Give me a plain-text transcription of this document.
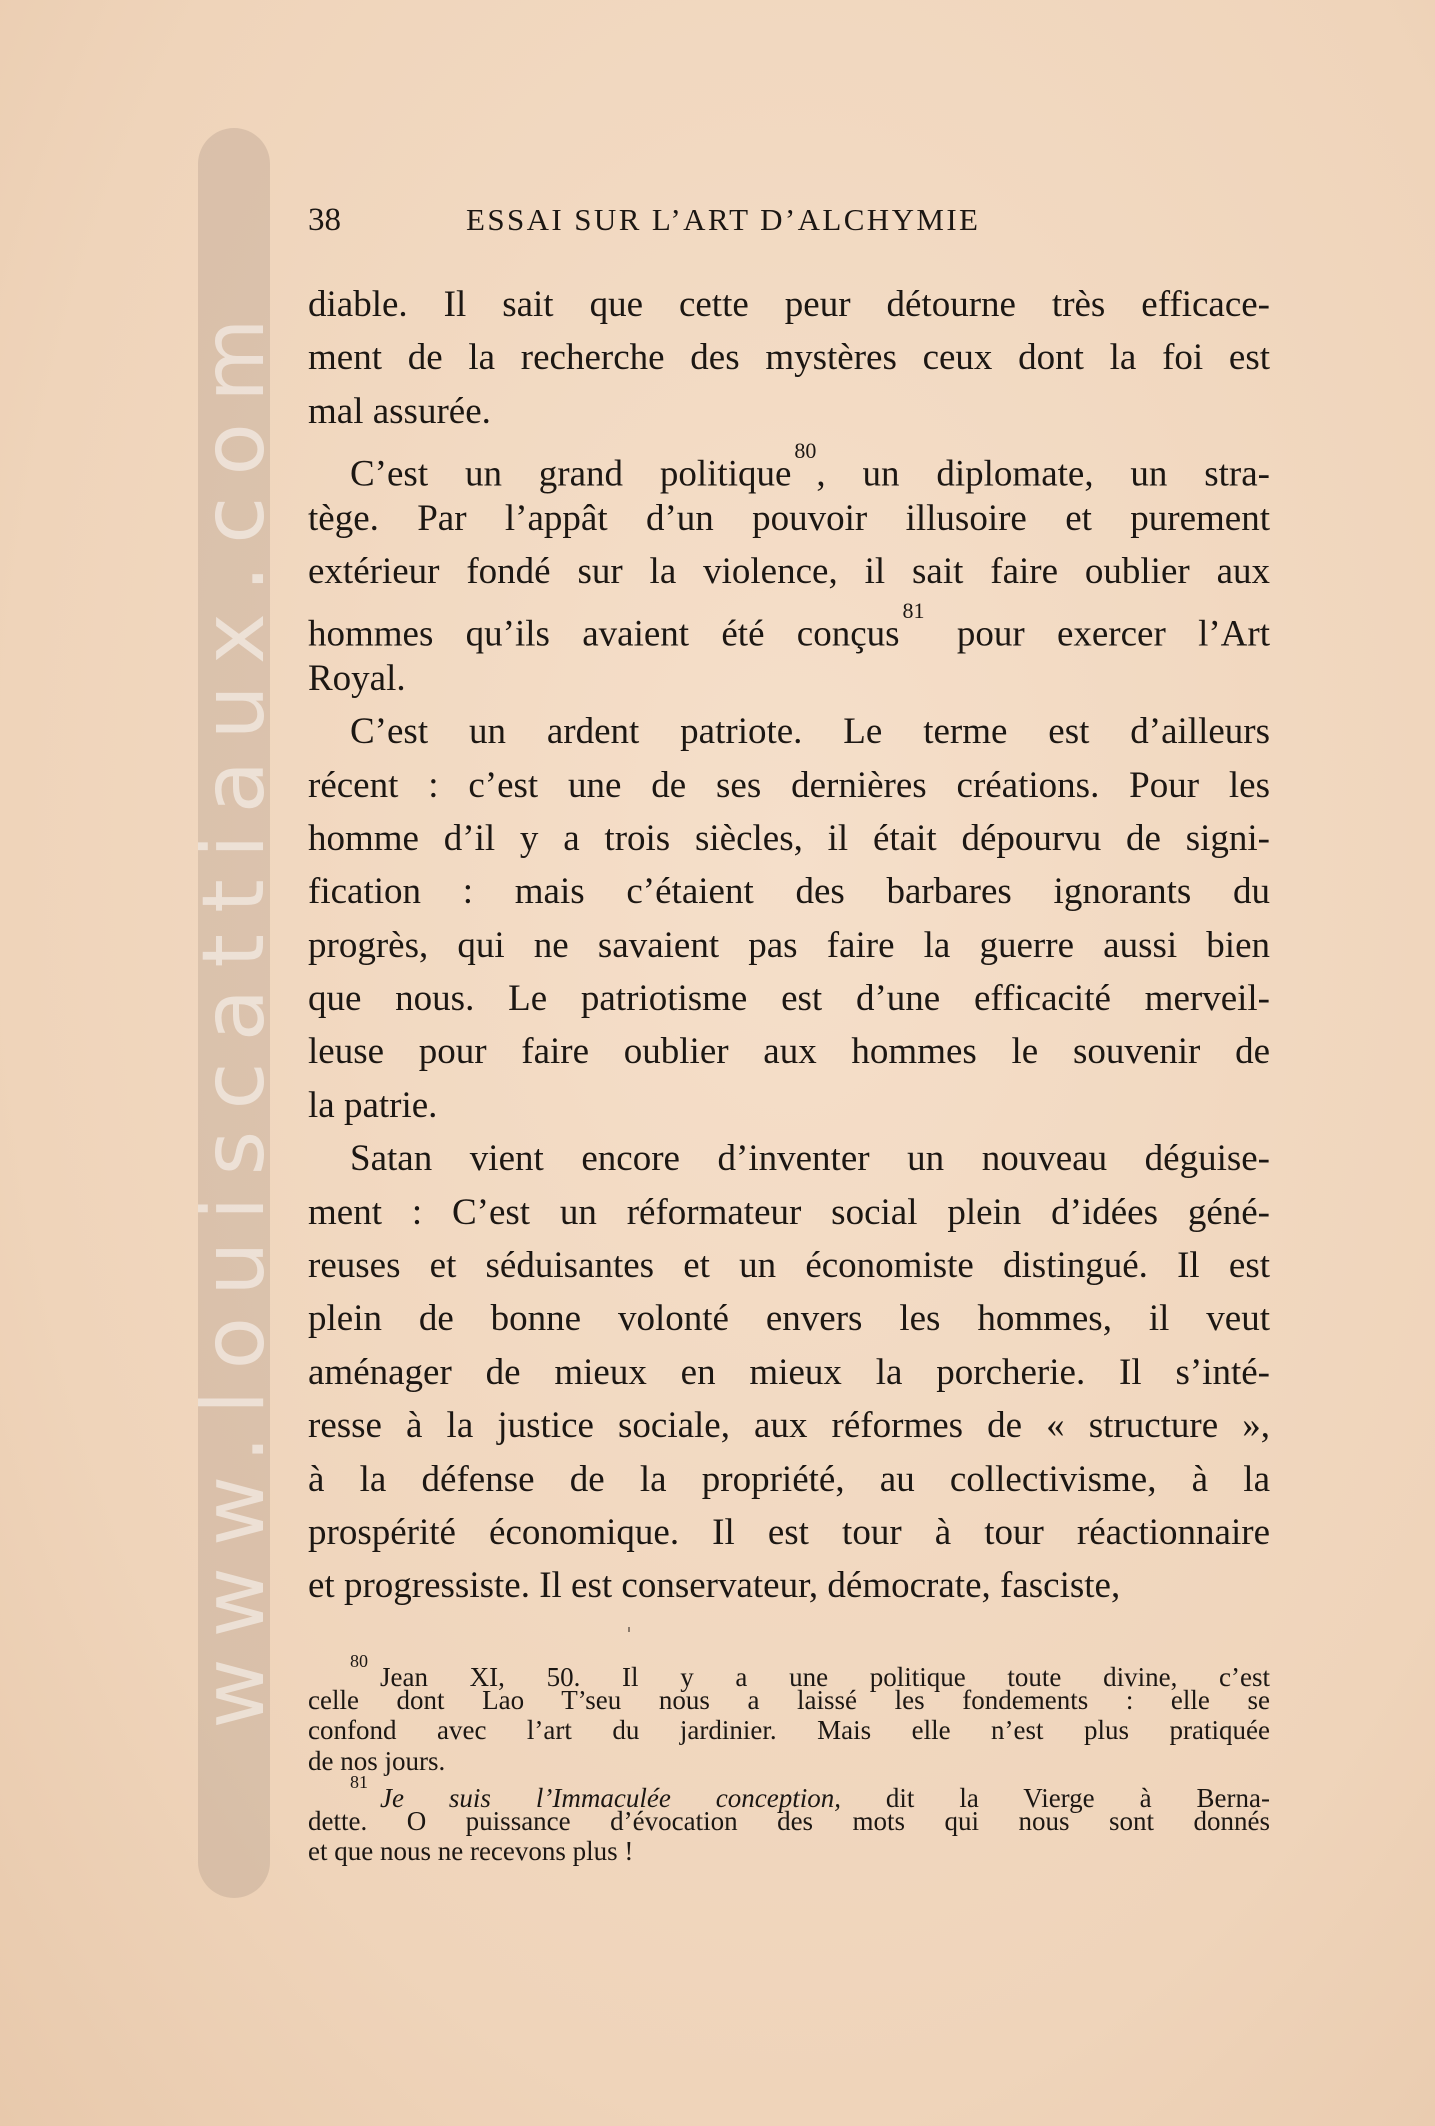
www.louiscattiaux.com
38	ESSAI SUR L’ART D’ALCHYMIE
diable. Il sait que cette peur détourne très efficace-
ment de la recherche des mystères ceux dont la foi est
mal assurée.
C’est un grand politique$^{80}$, un diplomate, un stra-
tège. Par l’appât d’un pouvoir illusoire et purement
extérieur fondé sur la violence, il sait faire oublier aux
hommes qu’ils avaient été conçus$^{81}$ pour exercer l’Art
Royal.
C’est un ardent patriote. Le terme est d’ailleurs
récent : c’est une de ses dernières créations. Pour les
homme d’il y a trois siècles, il était dépourvu de signi-
fication : mais c’étaient des barbares ignorants du
progrès, qui ne savaient pas faire la guerre aussi bien
que nous. Le patriotisme est d’une efficacité merveil-
leuse pour faire oublier aux hommes le souvenir de
la patrie.
Satan vient encore d’inventer un nouveau déguise-
ment : C’est un réformateur social plein d’idées géné-
reuses et séduisantes et un économiste distingué. Il est
plein de bonne volonté envers les hommes, il veut
aménager de mieux en mieux la porcherie. Il s’inté-
resse à la justice sociale, aux réformes de « structure »,
à la défense de la propriété, au collectivisme, à la
prospérité économique. Il est tour à tour réactionnaire
et progressiste. Il est conservateur, démocrate, fasciste,
$^{80}$Jean XI, 50. Il y a une politique toute divine, c’est
celle dont Lao T’seu nous a laissé les fondements : elle se
confond avec l’art du jardinier. Mais elle n’est plus pratiquée
de nos jours.
$^{81}$Je suis l’Immaculée conception, dit la Vierge à Berna-
dette. O puissance d’évocation des mots qui nous sont donnés
et que nous ne recevons plus !
